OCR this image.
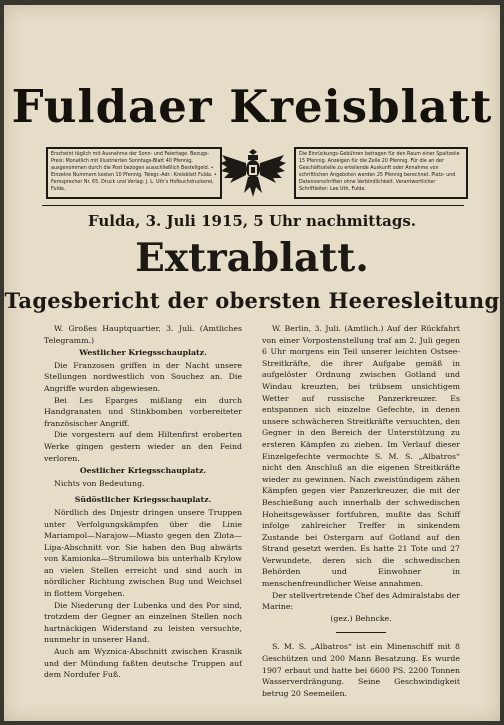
Fuldaer Kreisblatt
Erscheint täglich mit Ausnahme der Sonn- und Feiertage. Bezugs-Preis: Monatlich mit illustrierten Sonntags-Blatt 40 Pfennig, ausgenommen durch die Post bezogen ausschließlich Bestellgeld. • Einzelne Nummern kosten 10 Pfennig. Telegr.-Adr.: Kreisblatt Fulda. • Fernsprecher Nr. 65. Druck und Verlag: J. L. Uth's Hofbuchdruckerei, Fulda.
Die Einrückungs-Gebühren betragen für den Raum einer Spaltzeile 15 Pfennig. Anzeigen für die Zeile 20 Pfennig. Für die an der Geschäftsstelle zu erteilende Auskunft oder Annahme von schriftlichen Angeboten werden 25 Pfennig berechnet. Platz- und Datenvorschriften ohne Verbindlichkeit. Verantwortlicher Schriftleiter: Lee Uth, Fulda.
Fulda, 3. Juli 1915, 5 Uhr nachmittags.
Extrablatt.
Tagesbericht der obersten Heeresleitung

W. Großes Hauptquartier, 3. Juli. (Amtliches Telegramm.)

Westlicher Kriegsschauplatz.

Die Franzosen griffen in der Nacht unsere Stellungen nordwestlich von Souchez an. Die Angriffe wurden abgewiesen.

Bei Les Eparges mißlang ein durch Handgranaten und Stinkbomben vorbereiteter französischer Angriff.

Die vorgestern auf dem Hiltenfirst eroberten Werke gingen gestern wieder an den Feind verloren.

Oestlicher Kriegsschauplatz.

Nichts von Bedeutung.

Südöstlicher Kriegsschauplatz.

Nördlich des Dnjestr dringen unsere Truppen unter Verfolgungskämpfen über die Linie Mariampol—Narajow—Miasto gegen den Zlota—Lipa-Abschnitt vor. Sie haben den Bug abwärts von Kamionka—Strumilowa bis unterhalb Krylow an vielen Stellen erreicht und sind auch in nördlicher Richtung zwischen Bug und Weichsel in flottem Vorgehen.

Die Niederung der Lubenka und des Por sind, trotzdem der Gegner an einzelnen Stellen noch hartnäckigen Widerstand zu leisten versuchte, nunmehr in unserer Hand.

Auch am Wyznica-Abschnitt zwischen Krasnik und der Mündung faßten deutsche Truppen auf dem Nordufer Fuß.

W. Berlin, 3. Juli. (Amtlich.) Auf der Rückfahrt von einer Vorpostenstellung traf am 2. Juli gegen 6 Uhr morgens ein Teil unserer leichten Ostsee-Streitkräfte, die ihrer Aufgabe gemäß in aufgelöster Ordnung zwischen Gotland und Windau kreuzten, bei trübsem unsichtigem Wetter auf russische Panzerkreuzer. Es entspannen sich einzelne Gefechte, in denen unsere schwächeren Streitkräfte versuchten, den Gegner in den Bereich der Unterstützung zu ersteren Kämpfen zu ziehen. Im Verlauf dieser Einzelgefechte vermochte S. M. S. „Albatros“ nicht den Anschluß an die eigenen Streitkräfte wieder zu gewinnen. Nach zweistündigem zähen Kämpfen gegen vier Panzerkreuzer, die mit der Beschießung auch innerhalb der schwedischen Hoheitsgewässer fortfuhren, mußte das Schiff infolge zahlreicher Treffer in sinkendem Zustande bei Ostergarn auf Gotland auf den Strand gesetzt werden. Es hatte 21 Tote und 27 Verwundete, deren sich die schwedischen Behörden und Einwohner in menschenfreundlicher Weise annahmen.

Der stellvertretende Chef des Admiralstabs der Marine:

(gez.) Behncke.

S. M. S. „Albatros“ ist ein Minenschiff mit 8 Geschützen und 200 Mann Besatzung. Es wurde 1907 erbaut und hatte bei 6600 PS. 2200 Tonnen Wasserverdrängung. Seine Geschwindigkeit betrug 20 Seemeilen.
